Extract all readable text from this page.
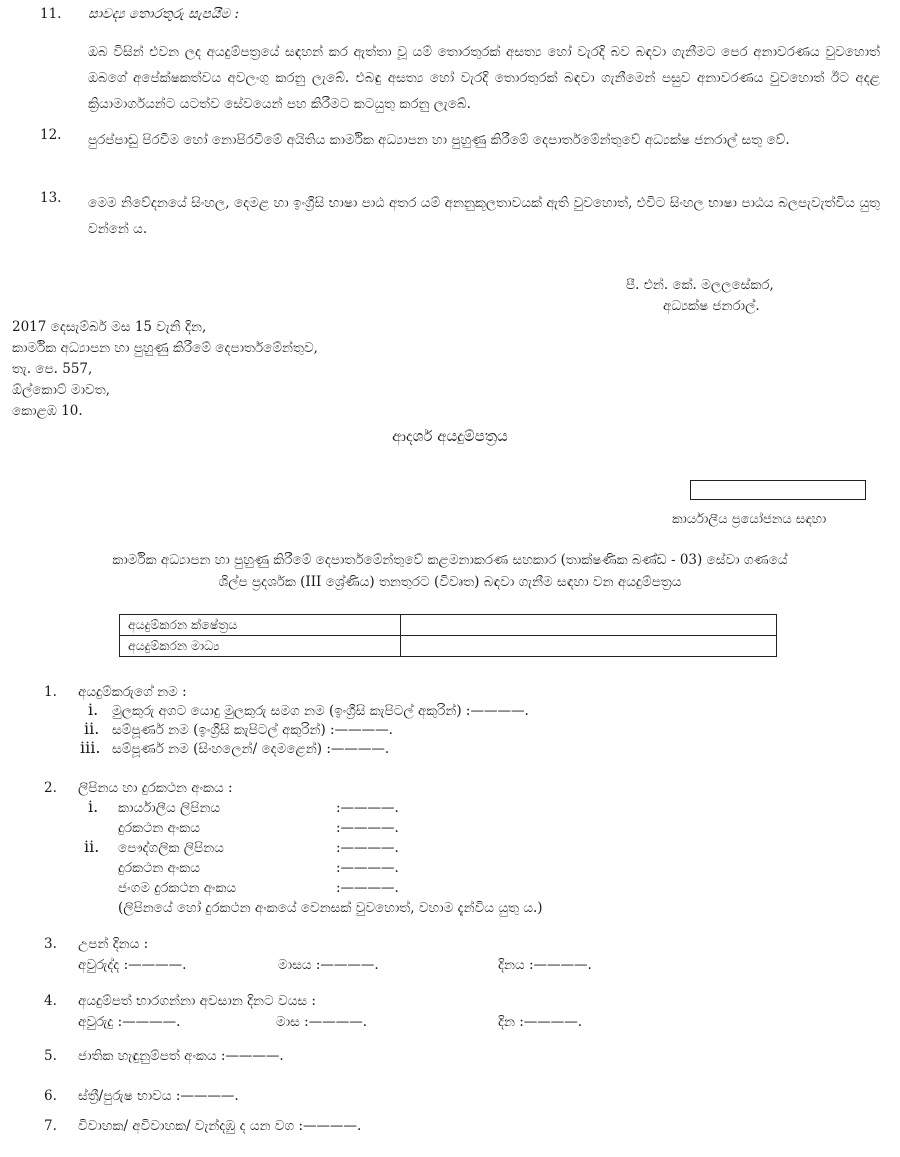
11. සාවද්‍ය තොරතුරු සැපයීම :
ඔබ විසින් එවන ලද අයදුම්පත්‍රයේ සඳහන් කර ඇත්තා වූ යම් තොරතුරක් අසත්‍ය හෝ වැරදි බව බඳවා ගැනීමට පෙර අනාවරණය වුවහොත් ඔබගේ අපේක්ෂකත්වය අවලංගු කරනු ලැබේ. එබඳු අසත්‍ය හෝ වැරදි තොරතුරක් බඳවා ගැනීමෙන් පසුව අනාවරණය වුවහොත් ඊට අදළ ක්‍රියාමාර්ගයන්ට යටත්ව සේවයෙන් පහ කිරීමට කටයුතු කරනු ලැබේ.
12. පුරප්පාඩු පිරවීම හෝ නොපිරවීමේ අයිතිය කාර්මික අධ්‍යාපන හා පුහුණු කිරීමේ දෙපාර්තමේන්තුවේ අධ්‍යක්ෂ ජනරාල් සතු වේ.
13. මෙම නිවේදනයේ සිංහල, දෙමළ හා ඉංග්‍රීසි භාෂා පාඨ අතර යම් අනනුකූලතාවයක් ඇති වුවහොත්, එවිට සිංහල භාෂා පාඨය බලපැවැත්විය යුතු වන්නේ ය.
පී. එන්. කේ. මලලසේකර,
අධ්‍යක්ෂ ජනරාල්.
2017 දෙසැම්බර් මස 15 වැනි දින,
කාර්මික අධ්‍යාපන හා පුහුණු කිරීමේ දෙපාර්තමේන්තුව,
තැ. පෙ. 557,
ඕල්කොට් මාවත,
කොළඹ 10.
ආදර්ශ අයදුම්පත්‍රය
කාර්යාලීය ප්‍රයෝජනය සඳහා
කාර්මික අධ්‍යාපන හා පුහුණු කිරීමේ දෙපාර්තමේන්තුවේ කළමනාකරණ සහකාර (තාක්ෂණික බණ්ඩ - 03) සේවා ගණයේ
ශිල්ප ප්‍රදර්ශක (III ශ්‍රේණිය) තනතුරට (විවෘත) බඳවා ගැනීම සඳහා වන අයදුම්පත්‍රය
අයදුම්කරන ක්ෂේත්‍රය	
අයදුම්කරන මාධ්‍ය	
1. අයදුම්කරුගේ නම :
i. මුලකුරු අගට යොදු මුලකුරු සමග නම (ඉංග්‍රීසි කැපිටල් අකුරින්) :————.
ii. සම්පූර්ණ නම (ඉංග්‍රීසි කැපිටල් අකුරින්) :————.
iii. සම්පූර්ණ නම (සිංහලෙන්/ දෙමළෙන්) :————.
2. ලිපිනය හා දුරකථන අංකය :
i. කාර්යාලීය ලිපිනය	:————.
දුරකථන අංකය	:————.
ii. පෞද්ගලික ලිපිනය	:————.
දුරකථන අංකය	:————.
ජංගම දුරකථන අංකය	:————.
(ලිපිනයේ හෝ දුරකථන අංකයේ වෙනසක් වුවහොත්, වහාම දැන්විය යුතු ය.)
3. උපන් දිනය :
අවුරුද්ද :————.	මාසය :————.	දිනය :————.
4. අයදුම්පත් භාරගන්නා අවසාන දිනට වයස :
අවුරුදු :————.	මාස :————.	දින :————.
5. ජාතික හැඳුනුම්පත් අංකය :————.
6. ස්ත්‍රී/පුරුෂ භාවය :————.
7. විවාහක/ අවිවාහක/ වැන්දඹු ද යන වග :————.
